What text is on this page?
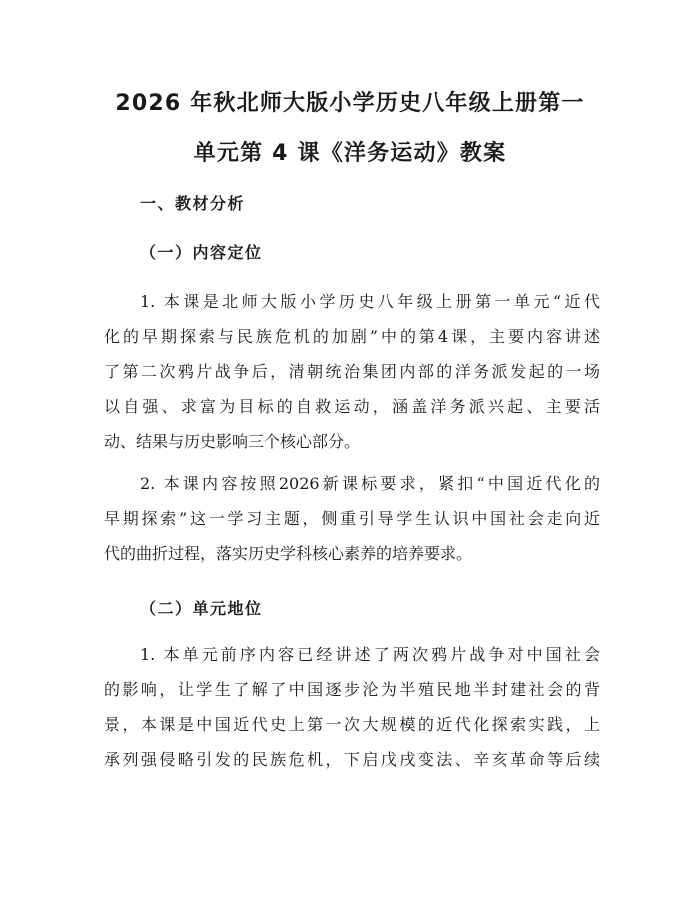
2026 年秋北师大版小学历史八年级上册第一
单元第 4 课《洋务运动》教案
一、教材分析
（一）内容定位

1. 本课是北师大版小学历史八年级上册第一单元“近代
化的早期探索与民族危机的加剧”中的第4课，主要内容讲述
了第二次鸦片战争后，清朝统治集团内部的洋务派发起的一场
以自强、求富为目标的自救运动，涵盖洋务派兴起、主要活
动、结果与历史影响三个核心部分。

2. 本课内容按照2026新课标要求，紧扣“中国近代化的
早期探索”这一学习主题，侧重引导学生认识中国社会走向近
代的曲折过程，落实历史学科核心素养的培养要求。

（二）单元地位

1. 本单元前序内容已经讲述了两次鸦片战争对中国社会
的影响，让学生了解了中国逐步沦为半殖民地半封建社会的背
景，本课是中国近代史上第一次大规模的近代化探索实践，上
承列强侵略引发的民族危机，下启戊戌变法、辛亥革命等后续
